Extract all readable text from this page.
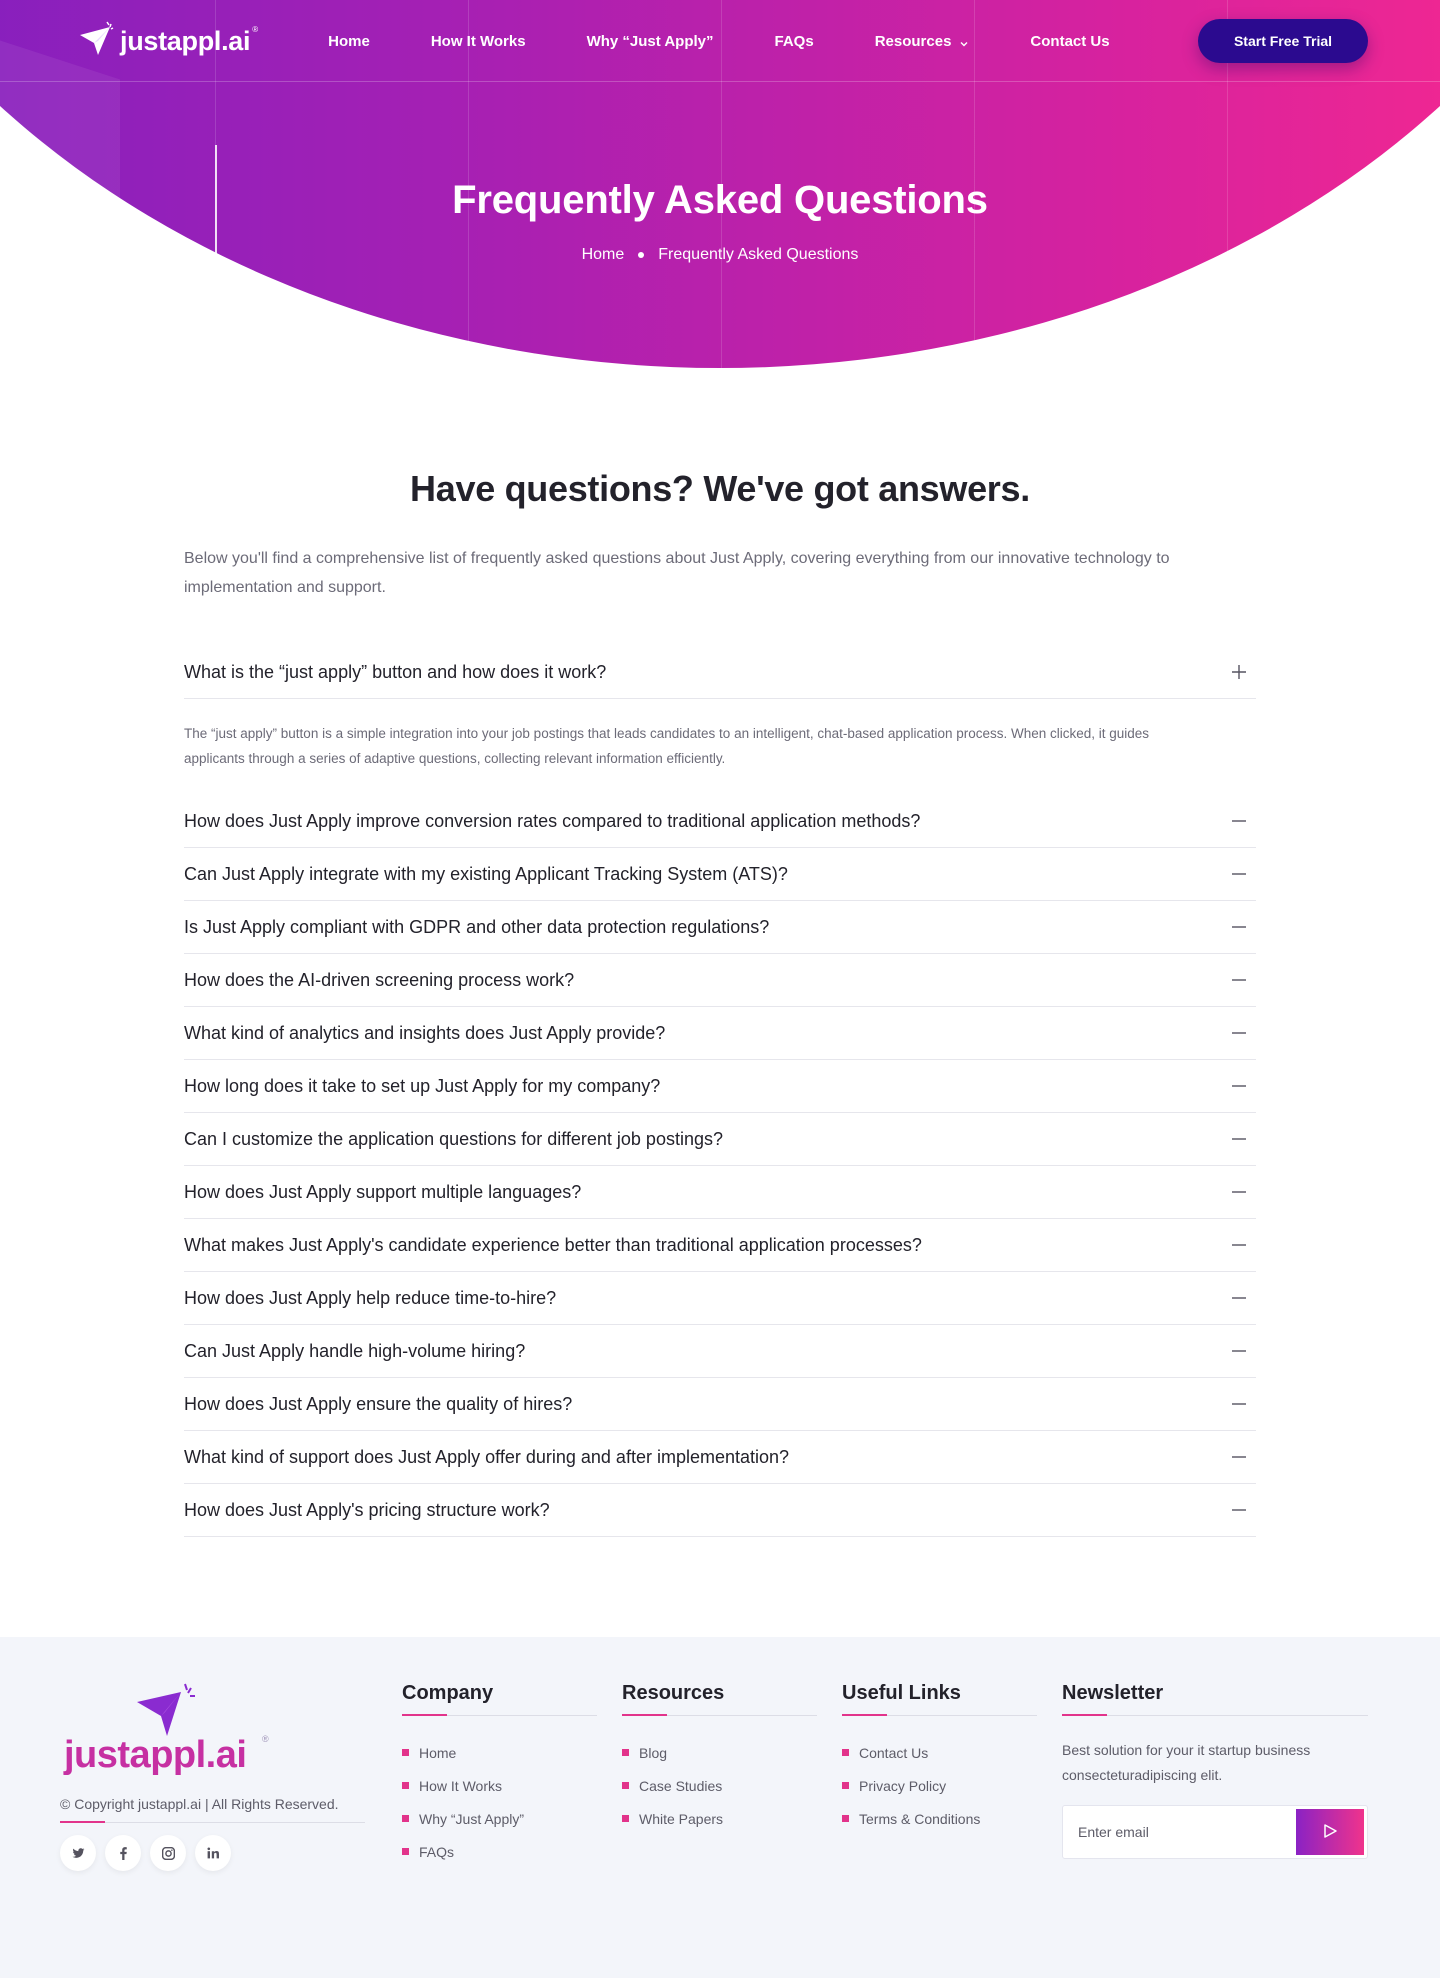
justappl.ai ®
Home	How It Works	Why “Just Apply”	FAQs	Resources	Contact Us	Start Free Trial
Frequently Asked Questions
Home Frequently Asked Questions
Have questions? We've got answers.

Below you'll find a comprehensive list of frequently asked questions about Just Apply, covering everything from our innovative technology to implementation and support.

What is the “just apply” button and how does it work?

The “just apply” button is a simple integration into your job postings that leads candidates to an intelligent, chat-based application process. When clicked, it guides applicants through a series of adaptive questions, collecting relevant information efficiently.

How does Just Apply improve conversion rates compared to traditional application methods?
Can Just Apply integrate with my existing Applicant Tracking System (ATS)?
Is Just Apply compliant with GDPR and other data protection regulations?
How does the AI-driven screening process work?
What kind of analytics and insights does Just Apply provide?
How long does it take to set up Just Apply for my company?
Can I customize the application questions for different job postings?
How does Just Apply support multiple languages?
What makes Just Apply's candidate experience better than traditional application processes?
How does Just Apply help reduce time-to-hire?
Can Just Apply handle high-volume hiring?
How does Just Apply ensure the quality of hires?
What kind of support does Just Apply offer during and after implementation?
How does Just Apply's pricing structure work?
justappl.ai ®

© Copyright justappl.ai | All Rights Reserved.

Company
Home
How It Works
Why “Just Apply”
FAQs
Resources
Blog
Case Studies
White Papers
Useful Links
Contact Us
Privacy Policy
Terms & Conditions
Newsletter

Best solution for your it startup business consecteturadipiscing elit.

Enter email
